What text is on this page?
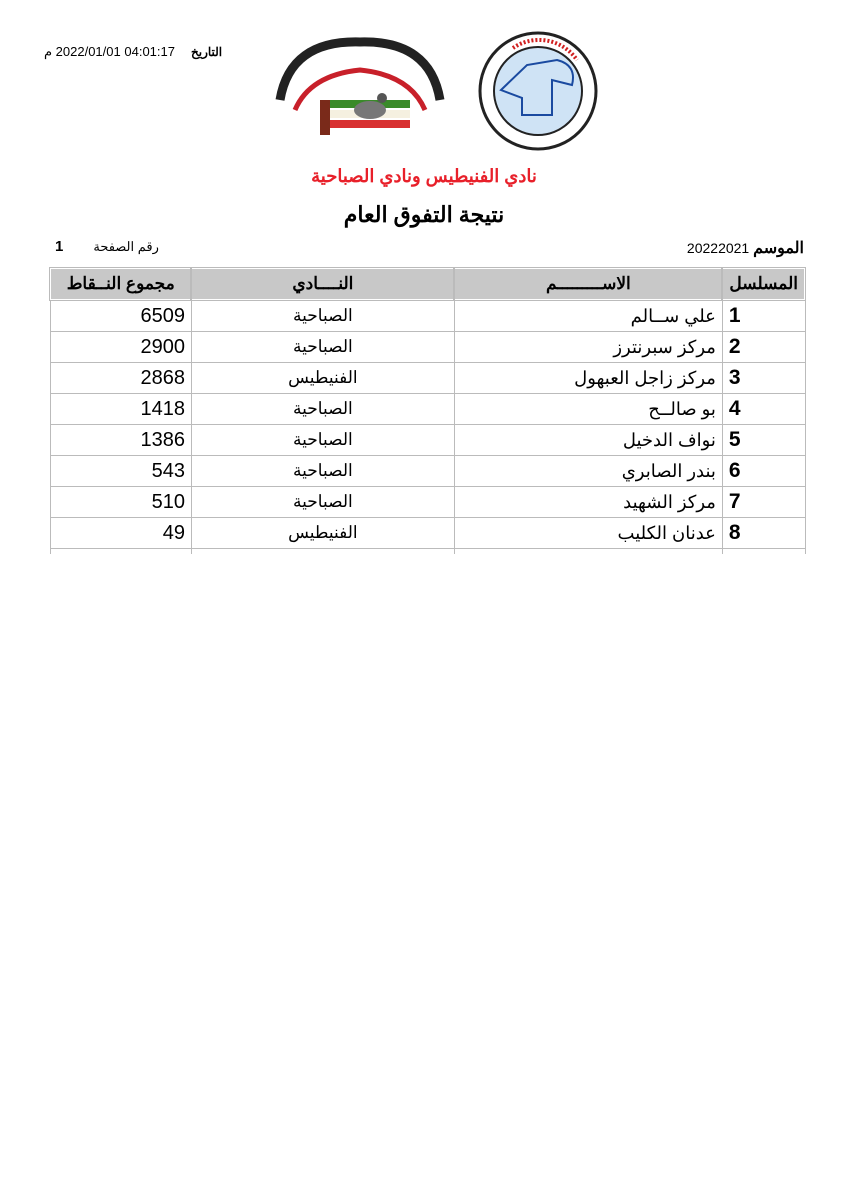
التاريخ04:01:17 2022/01/01 م
نادي الفنيطيس ونادي الصباحية
نتيجة التفوق العام
الموسم 20222021
رقم الصفحة1
المسلسل	الاســـــــــم	النــــادي	مجموع النــقاط
1	علي ســالم	الصباحية	6509
2	مركز سبرنترز	الصباحية	2900
3	مركز زاجل العبهول	الفنيطيس	2868
4	بو صالــح	الصباحية	1418
5	نواف الدخيل	الصباحية	1386
6	بندر الصابري	الصباحية	543
7	مركز الشهيد	الصباحية	510
8	عدنان الكليب	الفنيطيس	49
